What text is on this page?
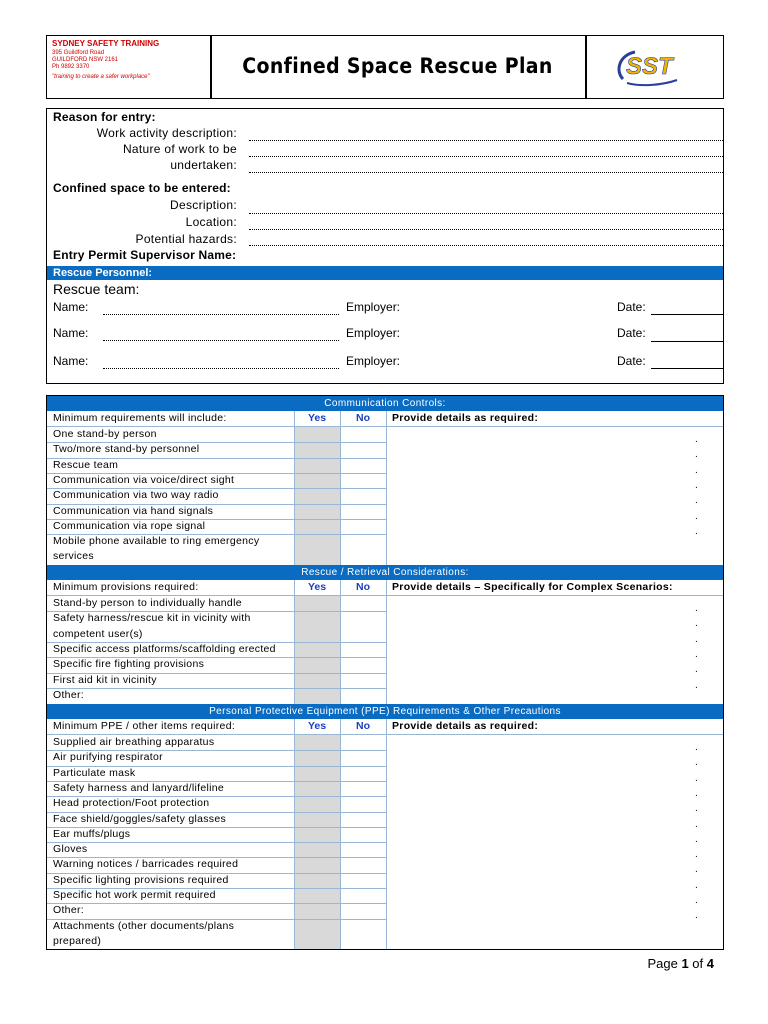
SYDNEY SAFETY TRAINING
395 Guildford Road
GUILDFORD NSW 2161
Ph 9892 3370
"training to create a safer workplace"	Confined Space Rescue Plan	SST
Reason for entry:
Work activity description:
Nature of work to be
undertaken:
Confined space to be entered:
Description:
Location:
Potential hazards:
Entry Permit Supervisor Name:
Rescue Personnel:
Rescue team:
Name:	Employer:	Date:
Name:	Employer:	Date:
Name:	Employer:	Date:
Communication Controls:
Minimum requirements will include:	Yes	No	Provide details as required:
One stand-by person
Two/more stand-by personnel
Rescue team
Communication via voice/direct sight
Communication via two way radio
Communication via hand signals
Communication via rope signal
Mobile phone available to ring emergency
services
.
.
.
.
.
.
.
Rescue / Retrieval Considerations:
Minimum provisions required:	Yes	No	Provide details – Specifically for Complex Scenarios:
Stand-by person to individually handle
Safety harness/rescue kit in vicinity with
competent user(s)
Specific access platforms/scaffolding erected
Specific fire fighting provisions
First aid kit in vicinity
Other:
.
.
.
.
.
.
Personal Protective Equipment (PPE) Requirements & Other Precautions
Minimum PPE / other items required:	Yes	No	Provide details as required:
Supplied air breathing apparatus
Air purifying respirator
Particulate mask
Safety harness and lanyard/lifeline
Head protection/Foot protection
Face shield/goggles/safety glasses
Ear muffs/plugs
Gloves
Warning notices / barricades required
Specific lighting provisions required
Specific hot work permit required
Other:
Attachments (other documents/plans
prepared)
.
.
.
.
.
.
.
.
.
.
.
.
Page 1 of 4
